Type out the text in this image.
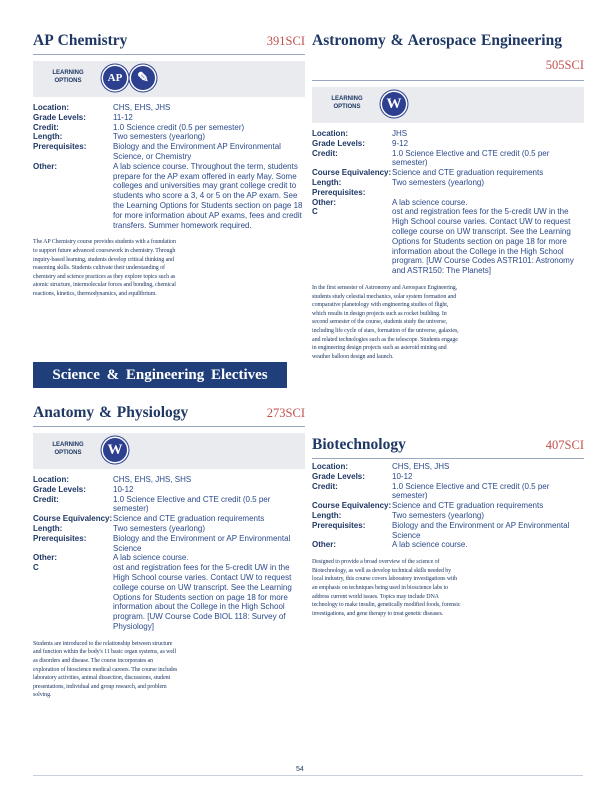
AP Chemistry	391SCI
LEARNING OPTIONS	AP	✎
Location:	CHS, EHS, JHS
Grade Levels:	11-12
Credit:	1.0 Science credit (0.5 per semester)
Length:	Two semesters (yearlong)
Prerequisites:	Biology and the Environment AP Environmental Science, or Chemistry
Other:	A lab science course. Throughout the term, students prepare for the AP exam offered in early May. Some colleges and universities may grant college credit to students who score a 3, 4 or 5 on the AP exam. See the Learning Options for Students section on page 18 for more information about AP exams, fees and credit transfers. Summer homework required.
The AP Chemistry course provides students with a foundation to support future advanced coursework in chemistry. Through inquiry-based learning, students develop critical thinking and reasoning skills. Students cultivate their understanding of chemistry and science practices as they explore topics such as atomic structure, intermolecular forces and bonding, chemical reactions, kinetics, thermodynamics, and equilibrium.
Astronomy & Aerospace Engineering
505SCI
LEARNING OPTIONS	W
Location:	JHS
Grade Levels:	9-12
Credit:	1.0 Science Elective and CTE credit (0.5 per semester)
Course Equivalency: Science and CTE graduation requirements
Length:	Two semesters (yearlong)
Prerequisites:
Other:	A lab science course.
C	ost and registration fees for the 5-credit UW in the High School course varies. Contact UW to request college course on UW transcript. See the Learning Options for Students section on page 18 for more information about the College in the High School program. [UW Course Codes ASTR101: Astronomy and ASTR150: The Planets]
In the first semester of Astronomy and Aerospace Engineering, students study celestial mechanics, solar system formation and comparative planetology with engineering studies of flight, which results in design projects such as rocket building. In second semester of the course, students study the universe, including life cycle of stars, formation of the universe, galaxies, and related technologies such as the telescope. Students engage in engineering design projects such as asteroid mining and weather balloon design and launch.
Science & Engineering Electives
Anatomy & Physiology	273SCI
LEARNING OPTIONS	W
Location:	CHS, EHS, JHS, SHS
Grade Levels:	10-12
Credit:	1.0 Science Elective and CTE credit (0.5 per semester)
Course Equivalency: Science and CTE graduation requirements
Length:	Two semesters (yearlong)
Prerequisites:	Biology and the Environment or AP Environmental Science
Other:	A lab science course.
C	ost and registration fees for the 5-credit UW in the High School course varies. Contact UW to request college course on UW transcript. See the Learning Options for Students section on page 18 for more information about the College in the High School program. [UW Course Code BIOL 118: Survey of Physiology]
Students are introduced to the relationship between structure and function within the body's 11 basic organ systems, as well as disorders and disease. The course incorporates an exploration of bioscience medical careers. The course includes laboratory activities, animal dissection, discussions, student presentations, individual and group research, and problem solving.
Biotechnology	407SCI
Location:	CHS, EHS, JHS
Grade Levels:	10-12
Credit:	1.0 Science Elective and CTE credit (0.5 per semester)
Course Equivalency: Science and CTE graduation requirements
Length:	Two semesters (yearlong)
Prerequisites:	Biology and the Environment or AP Environmental Science
Other:	A lab science course.
Designed to provide a broad overview of the science of Biotechnology, as well as develop technical skills needed by local industry, this course covers laboratory investigations with an emphasis on techniques being used in bioscience labs to address current world issues. Topics may include DNA technology to make insulin, genetically modified foods, forensic investigations, and gene therapy to treat genetic diseases.
54
